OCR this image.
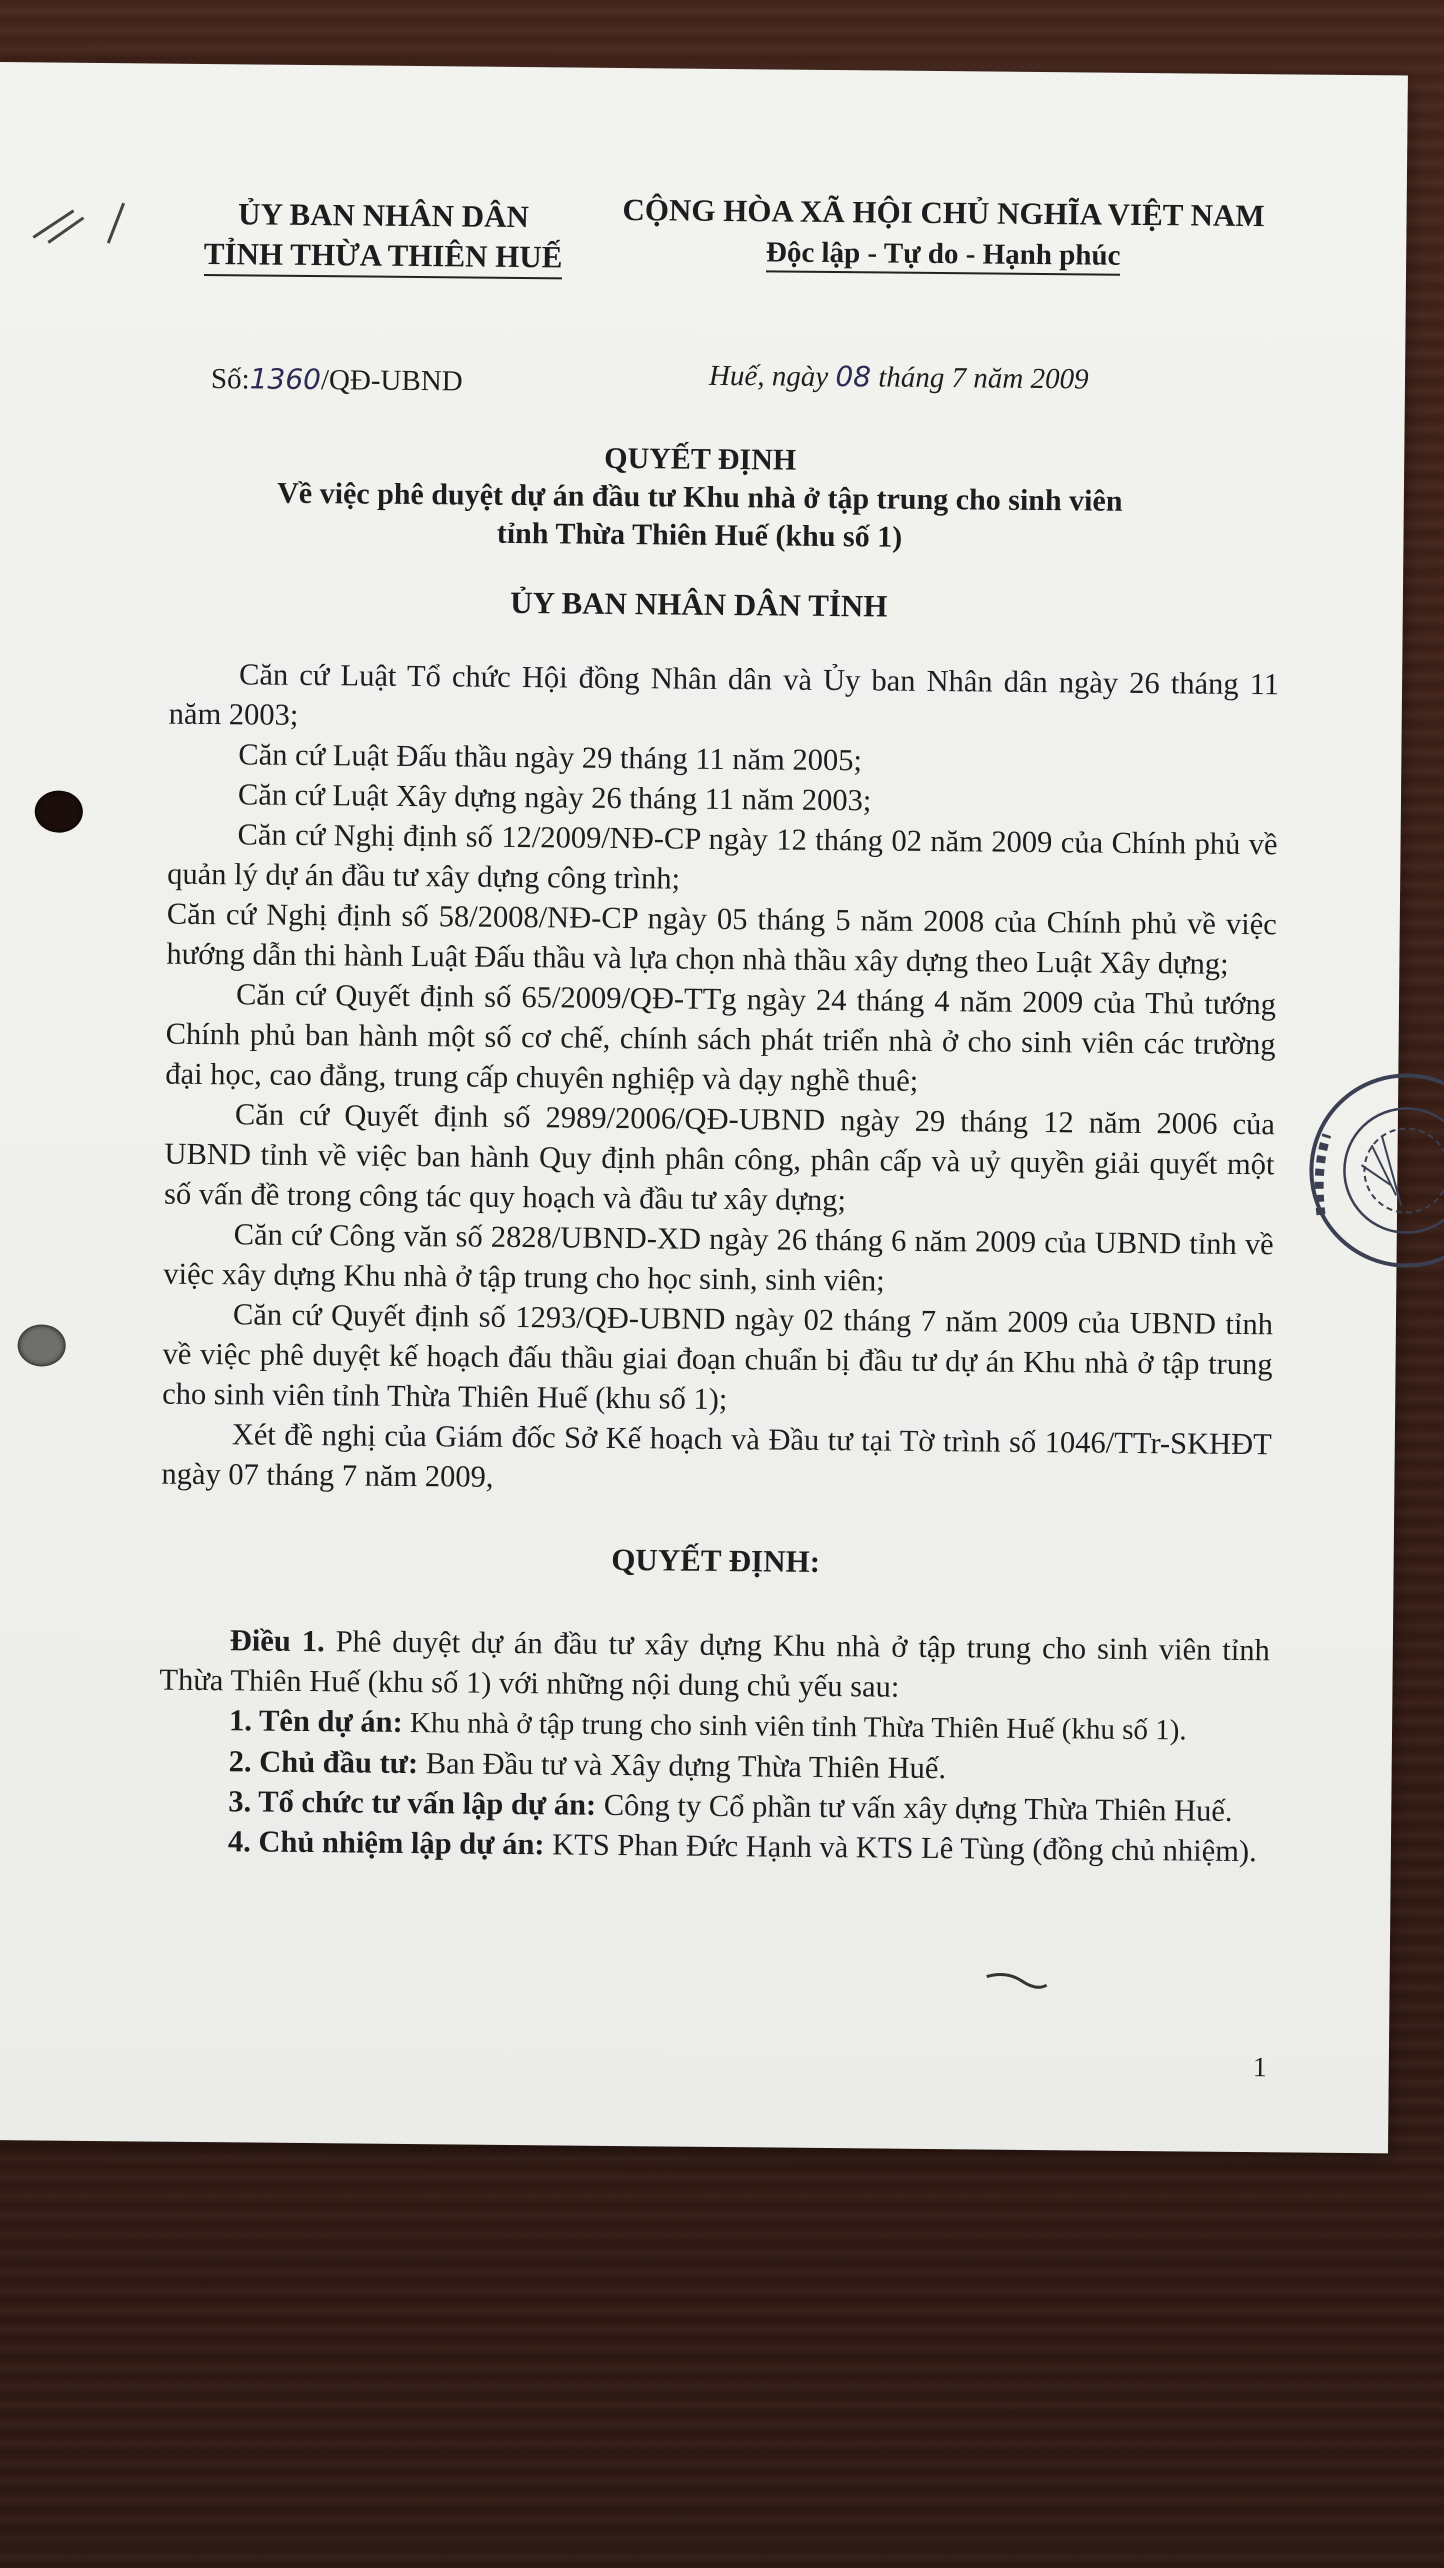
ỦY BAN NHÂN DÂN
TỈNH THỪA THIÊN HUẾ
CỘNG HÒA XÃ HỘI CHỦ NGHĨA VIỆT NAM
Độc lập - Tự do - Hạnh phúc
Số:1360/QĐ-UBND	Huế, ngày 08 tháng 7 năm 2009
QUYẾT ĐỊNH
Về việc phê duyệt dự án đầu tư Khu nhà ở tập trung cho sinh viên
tỉnh Thừa Thiên Huế (khu số 1)
ỦY BAN NHÂN DÂN TỈNH

Căn cứ Luật Tổ chức Hội đồng Nhân dân và Ủy ban Nhân dân ngày 26 tháng 11 năm 2003;

Căn cứ Luật Đấu thầu ngày 29 tháng 11 năm 2005;

Căn cứ Luật Xây dựng ngày 26 tháng 11 năm 2003;

Căn cứ Nghị định số 12/2009/NĐ-CP ngày 12 tháng 02 năm 2009 của Chính phủ về quản lý dự án đầu tư xây dựng công trình;

Căn cứ Nghị định số 58/2008/NĐ-CP ngày 05 tháng 5 năm 2008 của Chính phủ về việc hướng dẫn thi hành Luật Đấu thầu và lựa chọn nhà thầu xây dựng theo Luật Xây dựng;

Căn cứ Quyết định số 65/2009/QĐ-TTg ngày 24 tháng 4 năm 2009 của Thủ tướng Chính phủ ban hành một số cơ chế, chính sách phát triển nhà ở cho sinh viên các trường đại học, cao đẳng, trung cấp chuyên nghiệp và dạy nghề thuê;

Căn cứ Quyết định số 2989/2006/QĐ-UBND ngày 29 tháng 12 năm 2006 của UBND tỉnh về việc ban hành Quy định phân công, phân cấp và uỷ quyền giải quyết một số vấn đề trong công tác quy hoạch và đầu tư xây dựng;

Căn cứ Công văn số 2828/UBND-XD ngày 26 tháng 6 năm 2009 của UBND tỉnh về việc xây dựng Khu nhà ở tập trung cho học sinh, sinh viên;

Căn cứ Quyết định số 1293/QĐ-UBND ngày 02 tháng 7 năm 2009 của UBND tỉnh về việc phê duyệt kế hoạch đấu thầu giai đoạn chuẩn bị đầu tư dự án Khu nhà ở tập trung cho sinh viên tỉnh Thừa Thiên Huế (khu số 1);

Xét đề nghị của Giám đốc Sở Kế hoạch và Đầu tư tại Tờ trình số 1046/TTr-SKHĐT ngày 07 tháng 7 năm 2009,

QUYẾT ĐỊNH:

Điều 1. Phê duyệt dự án đầu tư xây dựng Khu nhà ở tập trung cho sinh viên tỉnh Thừa Thiên Huế (khu số 1) với những nội dung chủ yếu sau:

1. Tên dự án: Khu nhà ở tập trung cho sinh viên tỉnh Thừa Thiên Huế (khu số 1).

2. Chủ đầu tư: Ban Đầu tư và Xây dựng Thừa Thiên Huế.

3. Tổ chức tư vấn lập dự án: Công ty Cổ phần tư vấn xây dựng Thừa Thiên Huế.

4. Chủ nhiệm lập dự án: KTS Phan Đức Hạnh và KTS Lê Tùng (đồng chủ nhiệm).

1
